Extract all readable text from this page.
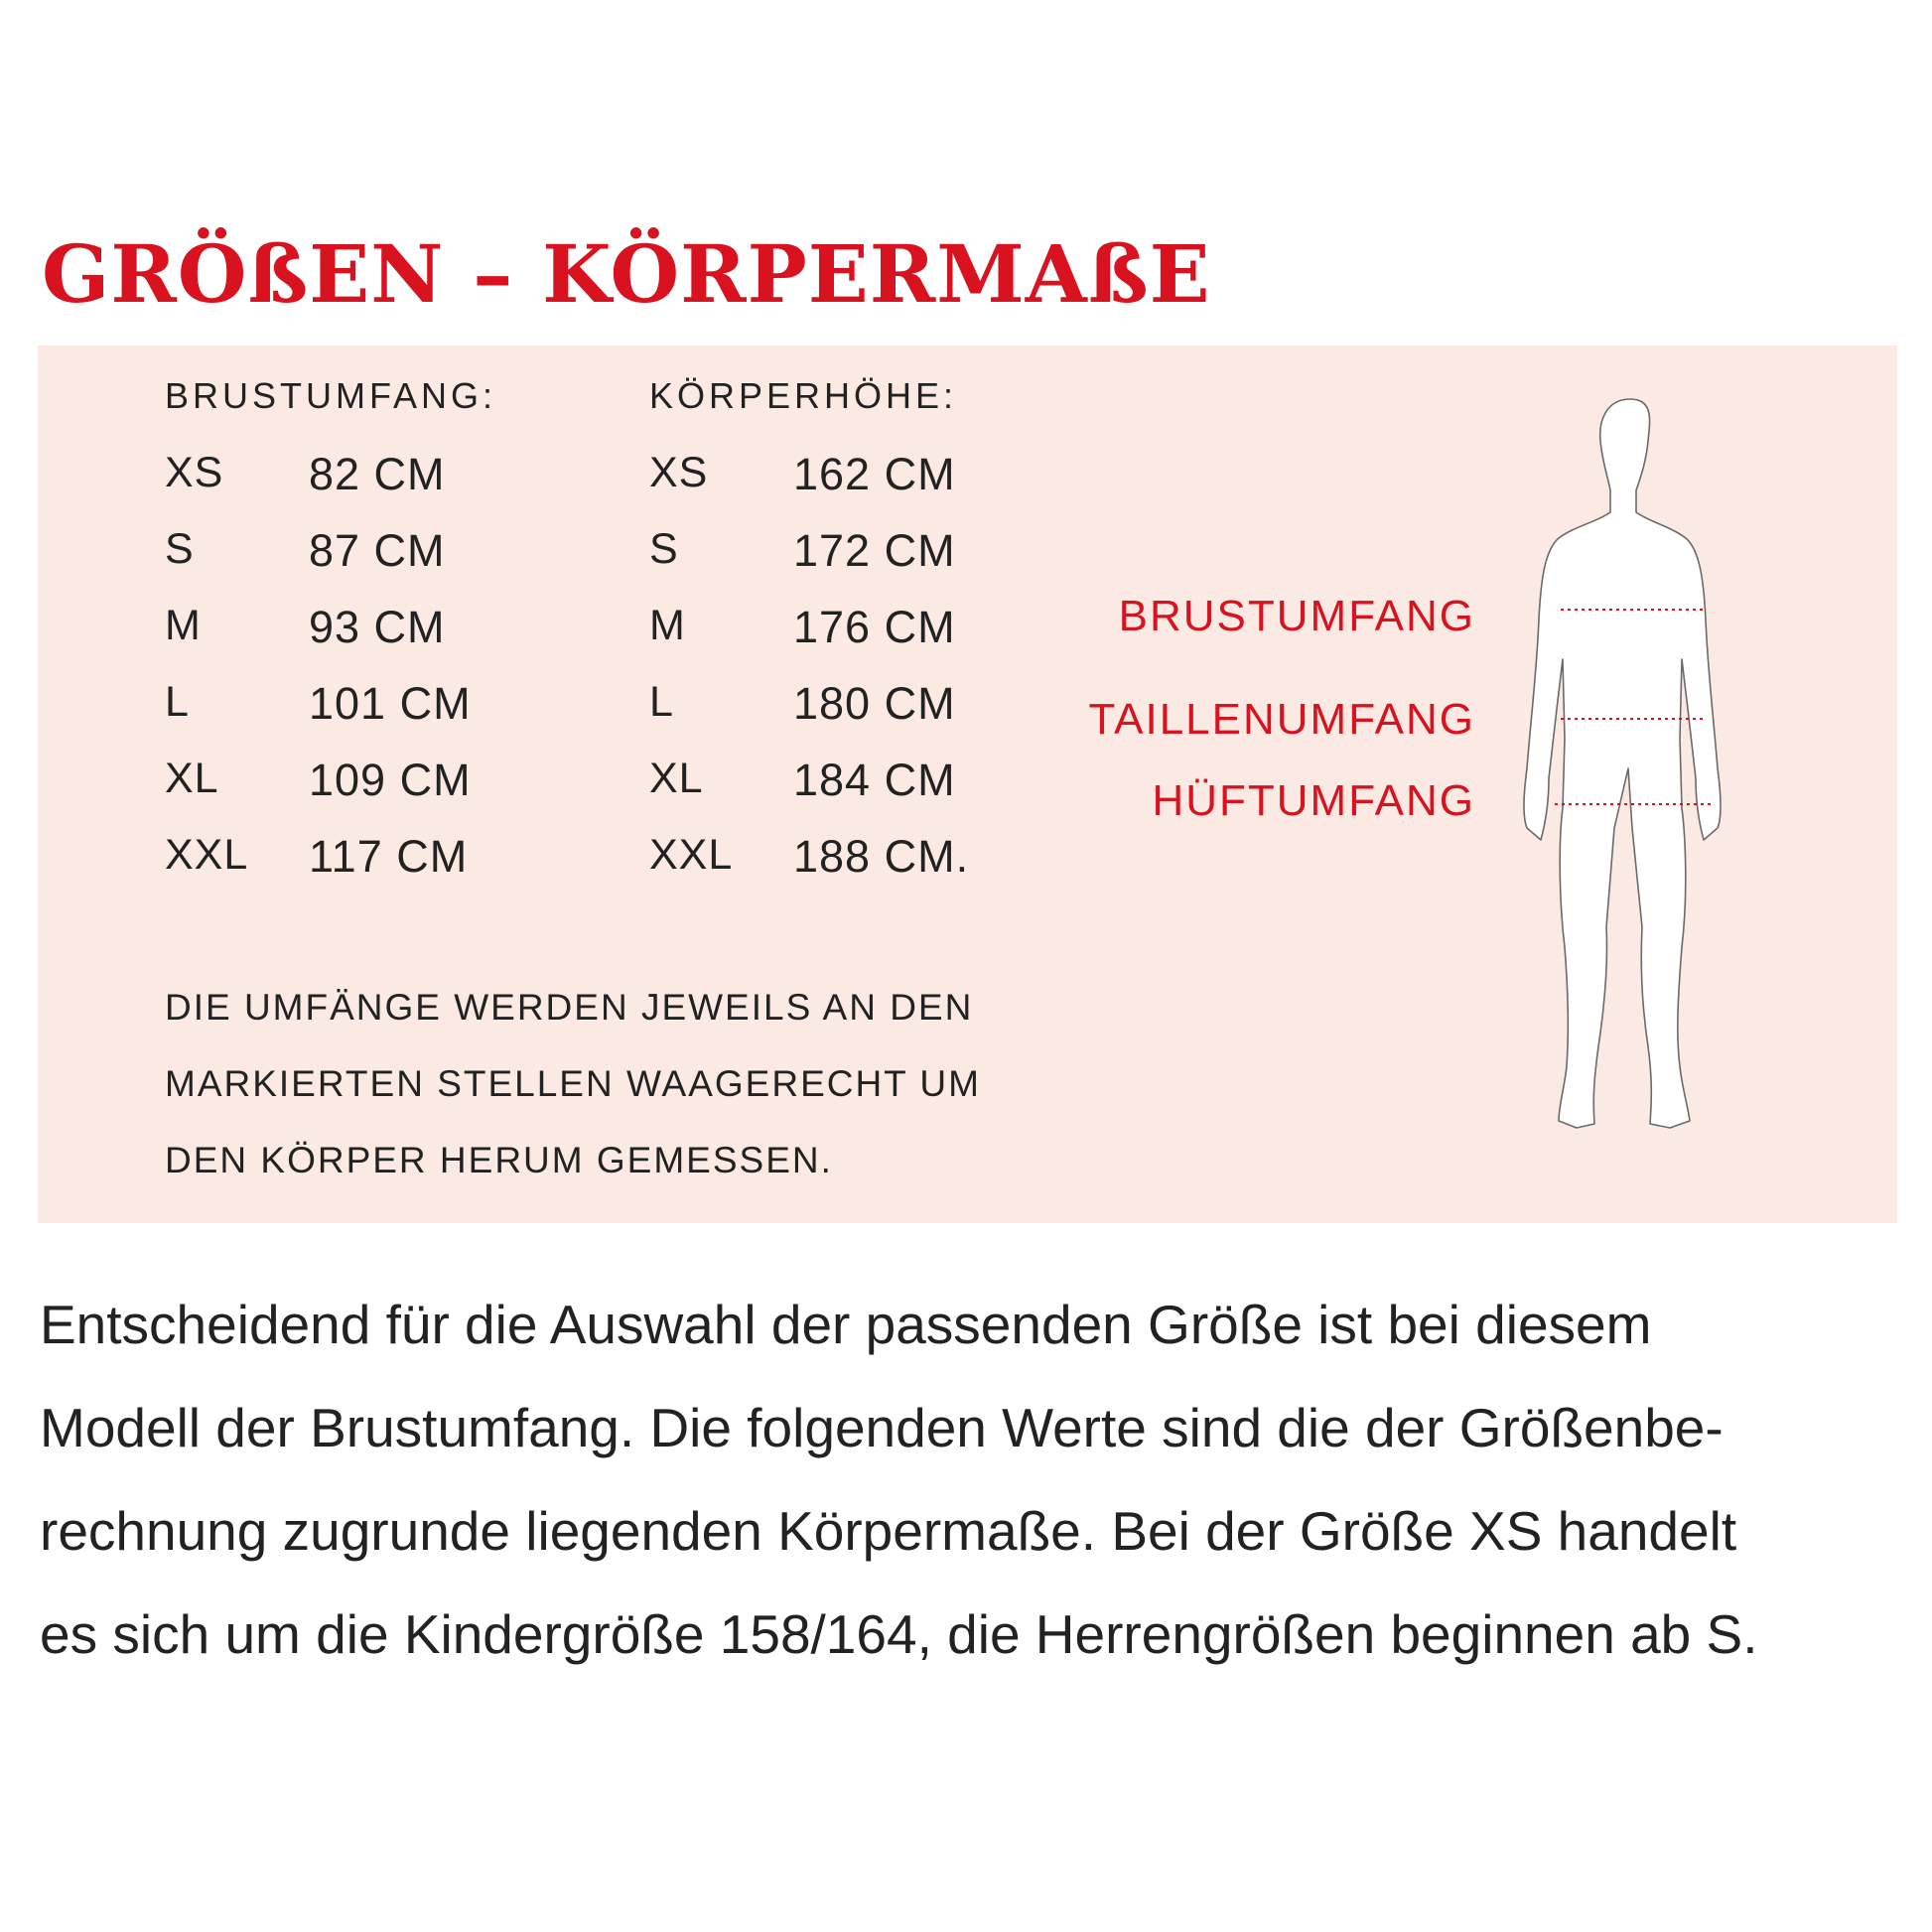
GRÖßEN – KÖRPERMAßE
BRUSTUMFANG:
XS 82 CM
S	87 CM
M 93 CM
L	101 CM
XL 109 CM
XXL 117 CM
KÖRPERHÖHE:
XS 162 CM
S	172 CM
M 176 CM
L	180 CM
XL 184 CM
XXL 188 CM.
DIE UMFÄNGE WERDEN JEWEILS AN DEN
MARKIERTEN STELLEN WAAGERECHT UM
DEN KÖRPER HERUM GEMESSEN.
BRUSTUMFANG
TAILLENUMFANG
HÜFTUMFANG
Entscheidend für die Auswahl der passenden Größe ist bei diesem
Modell der Brustumfang. Die folgenden Werte sind die der Größenbe-
rechnung zugrunde liegenden Körpermaße. Bei der Größe XS handelt
es sich um die Kindergröße 158/164, die Herrengrößen beginnen ab S.
